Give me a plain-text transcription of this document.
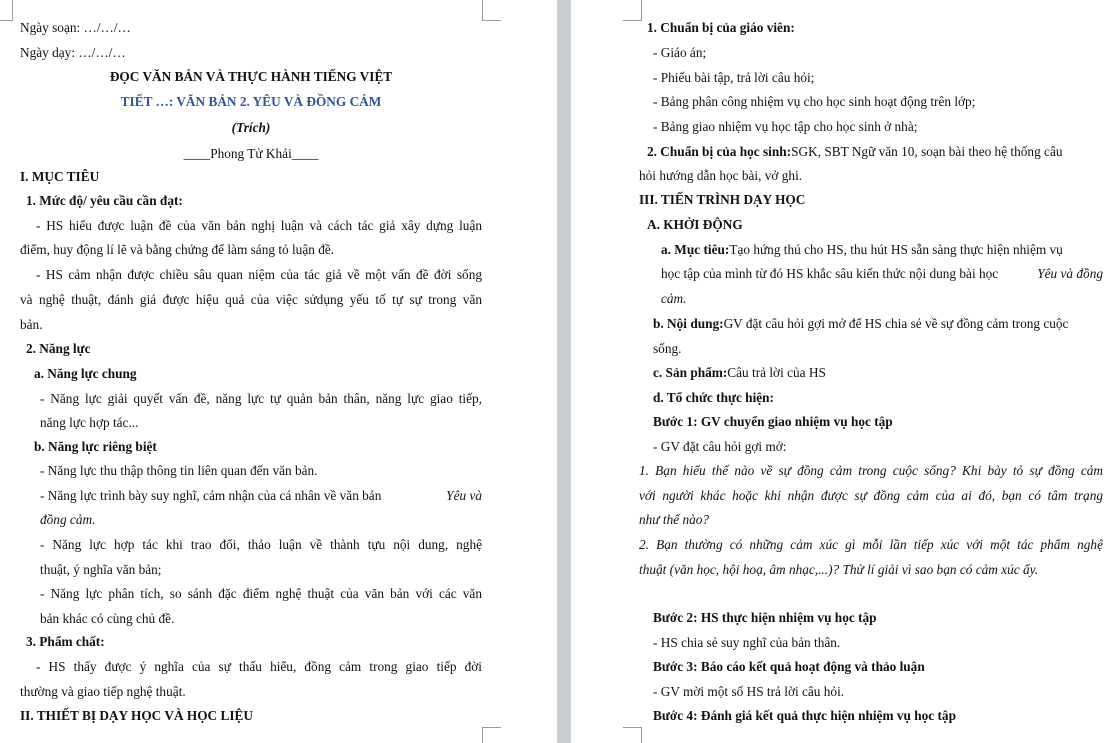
Ngày soạn: …/…/…
Ngày dạy: …/…/…
ĐỌC VĂN BẢN VÀ THỰC HÀNH TIẾNG VIỆT
TIẾT …: VĂN BẢN 2. YÊU VÀ ĐỒNG CẢM
(Trích)
____Phong Tử Khải____
I. MỤC TIÊU
1. Mức độ/ yêu cầu cần đạt:
- HS hiểu được luận đề của văn bản nghị luận và cách tác giả xây dựng luận
điểm, huy động lí lẽ và bằng chứng để làm sáng tỏ luận đề.
- HS cảm nhận được chiều sâu quan niệm của tác giả về một vấn đề đời sống
và nghệ thuật, đánh giá được hiệu quả của việc sửdụng yếu tố tự sự trong văn
bản.
2. Năng lực
a. Năng lực chung
- Năng lực giải quyết vấn đề, năng lực tự quản bản thân, năng lực giao tiếp,
năng lực hợp tác...
b. Năng lực riêng biệt
- Năng lực thu thập thông tin liên quan đến văn bản.
- Năng lực trình bày suy nghĩ, cảm nhận của cá nhân về văn bản	Yêu và
đồng cảm.
- Năng lực hợp tác khi trao đổi, thảo luận về thành tựu nội dung, nghệ
thuật, ý nghĩa văn bản;
- Năng lực phân tích, so sánh đặc điểm nghệ thuật của văn bản với các văn
bản khác có cùng chủ đề.
3. Phẩm chất:
- HS thấy được ý nghĩa của sự thấu hiểu, đồng cảm trong giao tiếp đời
thường và giao tiếp nghệ thuật.
II. THIẾT BỊ DẠY HỌC VÀ HỌC LIỆU
1. Chuẩn bị của giáo viên:
- Giáo án;
- Phiếu bài tập, trả lời câu hỏi;
- Bảng phân công nhiệm vụ cho học sinh hoạt động trên lớp;
- Bảng giao nhiệm vụ học tập cho học sinh ở nhà;
2. Chuẩn bị của học sinh: SGK, SBT Ngữ văn 10, soạn bài theo hệ thống câu
hỏi hướng dẫn học bài, vở ghi.
III. TIẾN TRÌNH DẠY HỌC
A. KHỞI ĐỘNG
a. Mục tiêu: Tạo hứng thú cho HS, thu hút HS sẵn sàng thực hiện nhiệm vụ
học tập của mình từ đó HS khắc sâu kiến thức nội dung bài học	Yêu và đồng
cảm.
b. Nội dung: GV đặt câu hỏi gợi mở để HS chia sẻ về sự đồng cảm trong cuộc
sống.
c. Sản phẩm: Câu trả lời của HS
d. Tổ chức thực hiện:
Bước 1: GV chuyển giao nhiệm vụ học tập
- GV đặt câu hỏi gợi mở:
1. Bạn hiểu thế nào về sự đồng cảm trong cuộc sống? Khi bày tỏ sự đồng cảm
với người khác hoặc khi nhận được sự đồng cảm của ai đó, bạn có tâm trạng
như thế nào?
2. Bạn thường có những cảm xúc gì mỗi lần tiếp xúc với một tác phẩm nghệ
thuật (văn học, hội hoạ, âm nhạc,...)? Thử lí giải vì sao bạn có cảm xúc ấy.
Bước 2: HS thực hiện nhiệm vụ học tập
- HS chia sẻ suy nghĩ của bản thân.
Bước 3: Báo cáo kết quả hoạt động và thảo luận
- GV mời một số HS trả lời câu hỏi.
Bước 4: Đánh giá kết quả thực hiện nhiệm vụ học tập
